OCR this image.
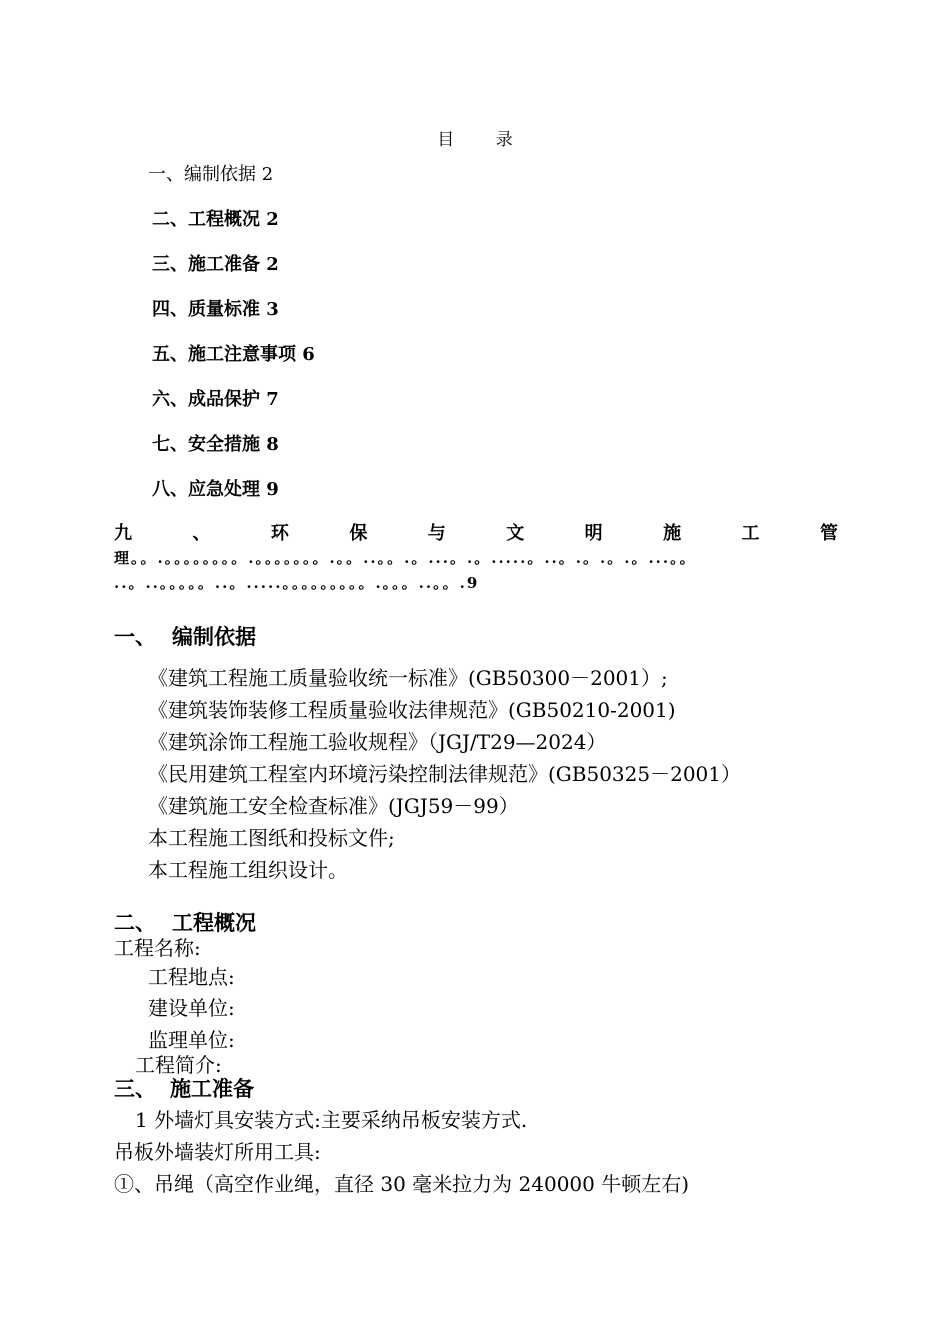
目 录
一、编制依据 2
二、工程概况 2
三、施工准备 2
四、质量标准 3
五、施工注意事项 6
六、成品保护 7
七、安全措施 8
八、应急处理 9
九	、	环	保	与	文	明	施	工	管
理。。.。。。。。。。。.。。。。。。。.。。..。。.。...。.。.....。..。.。.。.。...。。
..。..。。。。。..。.....。。。。。。。。。.。。。..。。.9
一、 编制依据
《建筑工程施工质量验收统一标准》(GB50300－2001）;
《建筑装饰装修工程质量验收法律规范》(GB50210-2001)
《建筑涂饰工程施工验收规程》（JGJ/T29—2024）
《民用建筑工程室内环境污染控制法律规范》(GB50325－2001）
《建筑施工安全检查标准》(JGJ59－99）
本工程施工图纸和投标文件;
本工程施工组织设计。
二、 工程概况
工程名称:
工程地点:
建设单位:
监理单位:
工程简介:
三、 施工准备
1 外墙灯具安装方式:主要采纳吊板安装方式.
吊板外墙装灯所用工具:
①、吊绳（高空作业绳，直径 30 毫米拉力为 240000 牛顿左右)
